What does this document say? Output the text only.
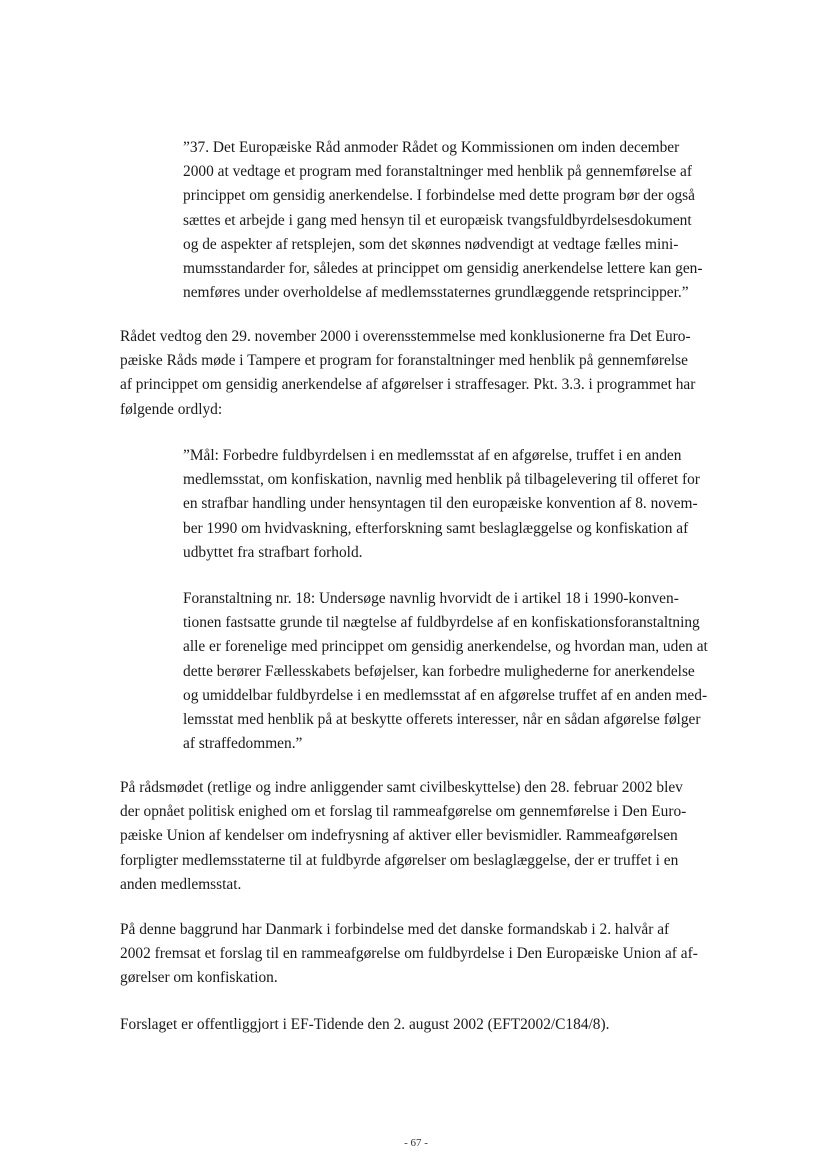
”37. Det Europæiske Råd anmoder Rådet og Kommissionen om inden december
2000 at vedtage et program med foranstaltninger med henblik på gennemførelse af
princippet om gensidig anerkendelse. I forbindelse med dette program bør der også
sættes et arbejde i gang med hensyn til et europæisk tvangsfuldbyrdelsesdokument
og de aspekter af retsplejen, som det skønnes nødvendigt at vedtage fælles mini-
mumsstandarder for, således at princippet om gensidig anerkendelse lettere kan gen-
nemføres under overholdelse af medlemsstaternes grundlæggende retsprincipper.”

Rådet vedtog den 29. november 2000 i overensstemmelse med konklusionerne fra Det Euro-
pæiske Råds møde i Tampere et program for foranstaltninger med henblik på gennemførelse
af princippet om gensidig anerkendelse af afgørelser i straffesager. Pkt. 3.3. i programmet har
følgende ordlyd:

”Mål: Forbedre fuldbyrdelsen i en medlemsstat af en afgørelse, truffet i en anden
medlemsstat, om konfiskation, navnlig med henblik på tilbagelevering til offeret for
en strafbar handling under hensyntagen til den europæiske konvention af 8. novem-
ber 1990 om hvidvaskning, efterforskning samt beslaglæggelse og konfiskation af
udbyttet fra strafbart forhold.

Foranstaltning nr. 18: Undersøge navnlig hvorvidt de i artikel 18 i 1990-konven-
tionen fastsatte grunde til nægtelse af fuldbyrdelse af en konfiskationsforanstaltning
alle er forenelige med princippet om gensidig anerkendelse, og hvordan man, uden at
dette berører Fællesskabets beføjelser, kan forbedre mulighederne for anerkendelse
og umiddelbar fuldbyrdelse i en medlemsstat af en afgørelse truffet af en anden med-
lemsstat med henblik på at beskytte offerets interesser, når en sådan afgørelse følger
af straffedommen.”

På rådsmødet (retlige og indre anliggender samt civilbeskyttelse) den 28. februar 2002 blev
der opnået politisk enighed om et forslag til rammeafgørelse om gennemførelse i Den Euro-
pæiske Union af kendelser om indefrysning af aktiver eller bevismidler. Rammeafgørelsen
forpligter medlemsstaterne til at fuldbyrde afgørelser om beslaglæggelse, der er truffet i en
anden medlemsstat.

På denne baggrund har Danmark i forbindelse med det danske formandskab i 2. halvår af
2002 fremsat et forslag til en rammeafgørelse om fuldbyrdelse i Den Europæiske Union af af-
gørelser om konfiskation.

Forslaget er offentliggjort i EF-Tidende den 2. august 2002 (EFT2002/C184/8).

- 67 -
